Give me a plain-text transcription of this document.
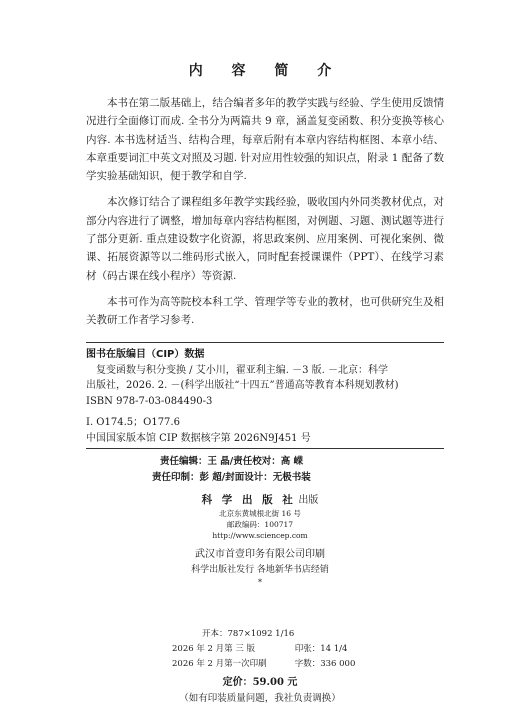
内 容 简 介

本书在第二版基础上，结合编者多年的教学实践与经验、学生使用反馈情况进行全面修订而成. 全书分为两篇共 9 章，涵盖复变函数、积分变换等核心内容. 本书选材适当、结构合理，每章后附有本章内容结构框图、本章小结、本章重要词汇中英文对照及习题. 针对应用性较强的知识点，附录 1 配备了数学实验基础知识，便于教学和自学.

本次修订结合了课程组多年教学实践经验，吸收国内外同类教材优点，对部分内容进行了调整，增加每章内容结构框图，对例题、习题、测试题等进行了部分更新. 重点建设数字化资源，将思政案例、应用案例、可视化案例、微课、拓展资源等以二维码形式嵌入，同时配套授课课件（PPT）、在线学习素材（码古课在线小程序）等资源.

本书可作为高等院校本科工学、管理学等专业的教材，也可供研究生及相关教研工作者学习参考.

图书在版编目（CIP）数据
复变函数与积分变换 / 艾小川，翟亚利主编. －3 版. －北京：科学
出版社，2026. 2. －(科学出版社“十四五”普通高等教育本科规划教材)
ISBN 978-7-03-084490-3
I. O174.5；O177.6
中国国家版本馆 CIP 数据核字第 2026N9J451 号
责任编辑：王 晶/责任校对：高 嵘
责任印制：彭 超/封面设计：无极书装
科 学 出 版 社 出版
北京东黄城根北街 16 号
邮政编码：100717
http://www.sciencep.com
武汉市首壹印务有限公司印刷
科学出版社发行 各地新华书店经销
*
开本：787×1092 1/16
2026 年 2 月第 三 版	印张：14 1/4
2026 年 2 月第一次印刷	字数：336 000
定价：59.00 元
（如有印装质量问题，我社负责调换）
